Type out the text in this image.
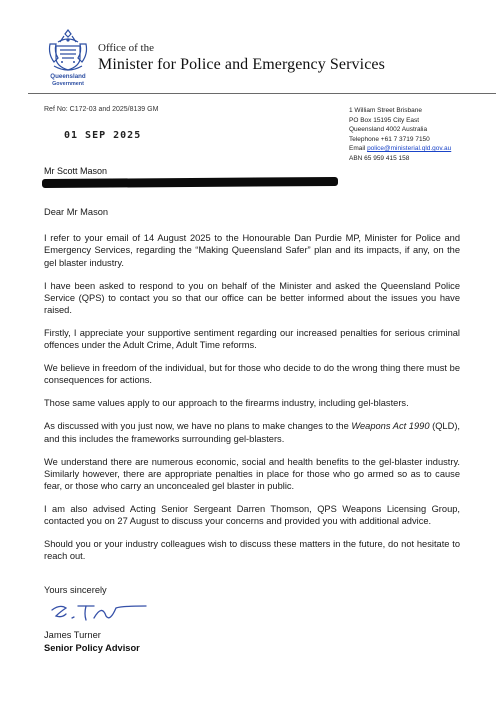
Queensland
Government
Office of the
Minister for Police and Emergency Services
Ref No: C172-03 and 2025/8139 GM
01 SEP 2025
1 William Street Brisbane
PO Box 15195 City East
Queensland 4002 Australia
Telephone +61 7 3719 7150
Email police@ministerial.qld.gov.au
ABN 65 959 415 158
Mr Scott Mason

Dear Mr Mason

I refer to your email of 14 August 2025 to the Honourable Dan Purdie MP, Minister for Police and Emergency Services, regarding the “Making Queensland Safer” plan and its impacts, if any, on the gel blaster industry.

I have been asked to respond to you on behalf of the Minister and asked the Queensland Police Service (QPS) to contact you so that our office can be better informed about the issues you have raised.

Firstly, I appreciate your supportive sentiment regarding our increased penalties for serious criminal offences under the Adult Crime, Adult Time reforms.

We believe in freedom of the individual, but for those who decide to do the wrong thing there must be consequences for actions.

Those same values apply to our approach to the firearms industry, including gel-blasters.

As discussed with you just now, we have no plans to make changes to the Weapons Act 1990 (QLD), and this includes the frameworks surrounding gel-blasters.

We understand there are numerous economic, social and health benefits to the gel-blaster industry. Similarly however, there are appropriate penalties in place for those who go armed so as to cause fear, or those who carry an unconcealed gel blaster in public.

I am also advised Acting Senior Sergeant Darren Thomson, QPS Weapons Licensing Group, contacted you on 27 August to discuss your concerns and provided you with additional advice.

Should you or your industry colleagues wish to discuss these matters in the future, do not hesitate to reach out.

Yours sincerely
James Turner
Senior Policy Advisor
